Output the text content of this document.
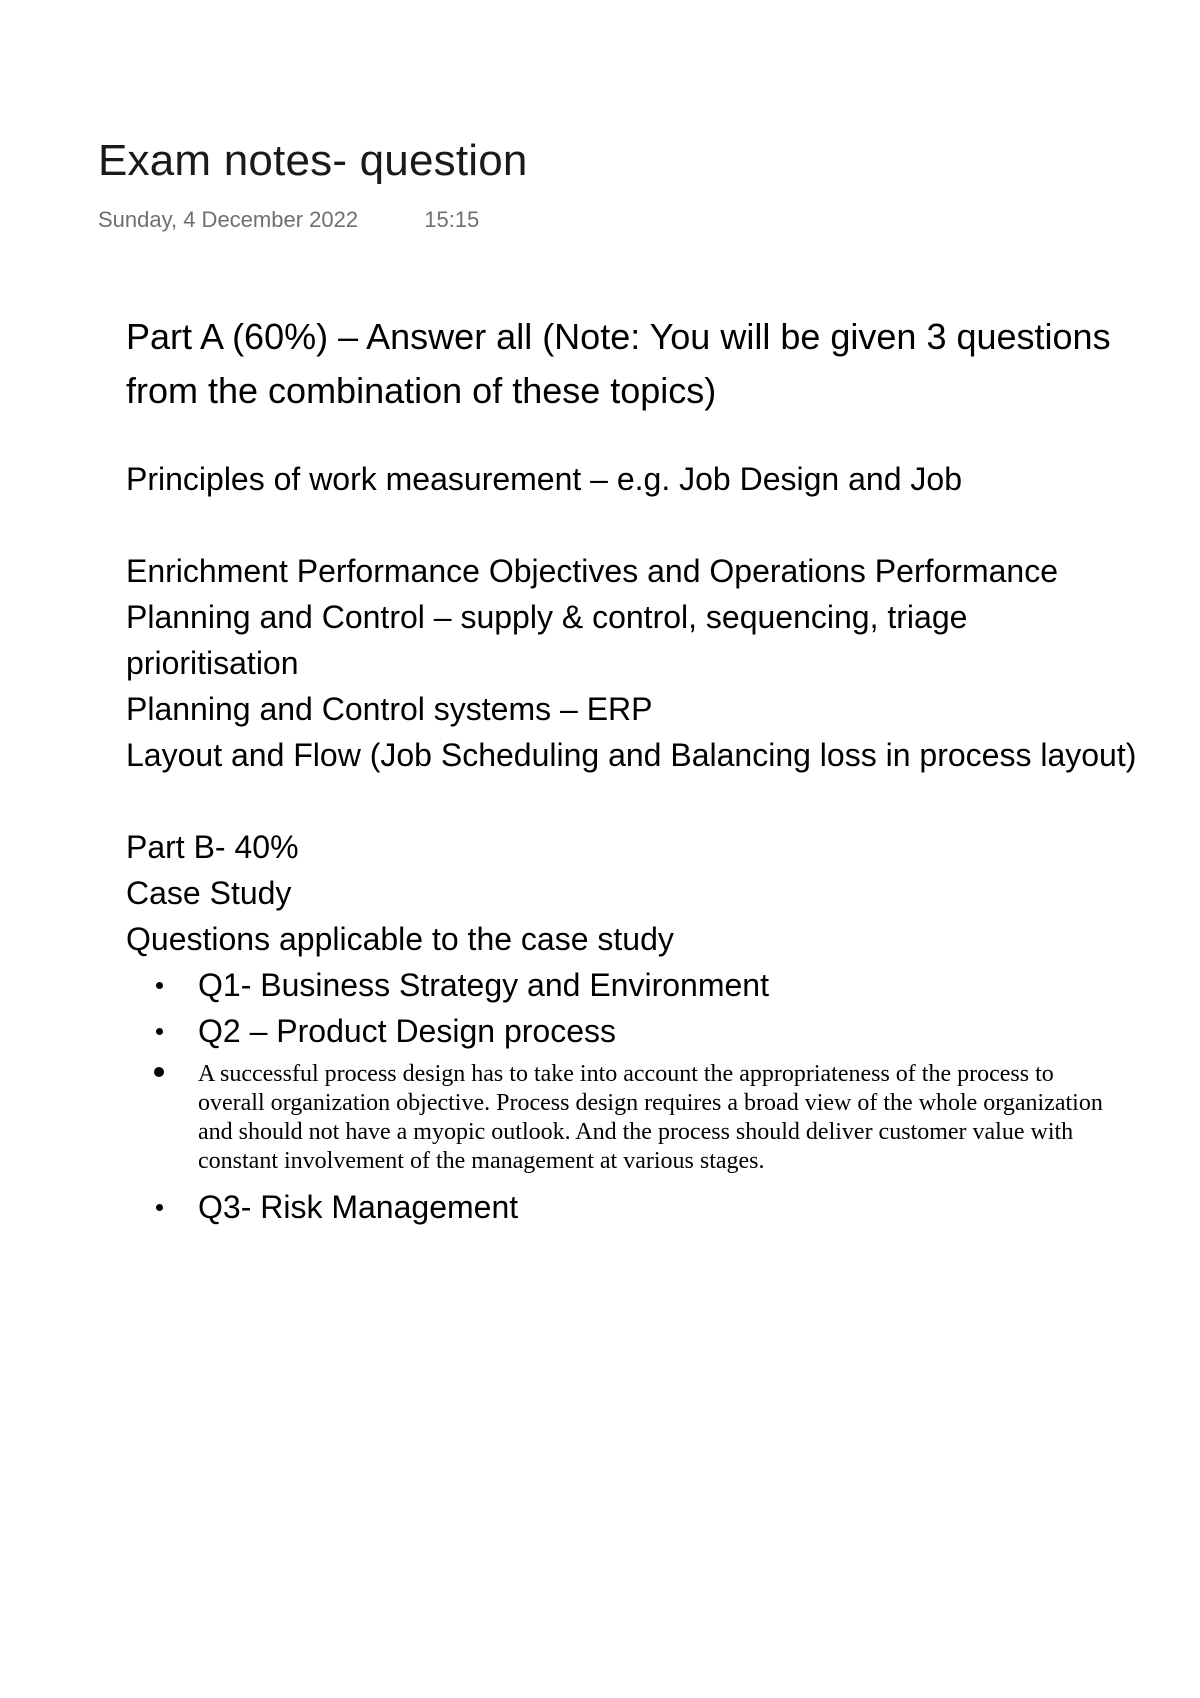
Exam notes- question
Sunday, 4 December 2022	15:15
Part A (60%) – Answer all (Note: You will be given 3 questions
from the combination of these topics)
Principles of work measurement – e.g. Job Design and Job
Enrichment Performance Objectives and Operations Performance
Planning and Control – supply & control, sequencing, triage
prioritisation
Planning and Control systems – ERP
Layout and Flow (Job Scheduling and Balancing loss in process layout)
Part B- 40%
Case Study
Questions applicable to the case study
Q1- Business Strategy and Environment
Q2 – Product Design process
A successful process design has to take into account the appropriateness of the process to
overall organization objective. Process design requires a broad view of the whole organization
and should not have a myopic outlook. And the process should deliver customer value with
constant involvement of the management at various stages.
Q3- Risk Management
